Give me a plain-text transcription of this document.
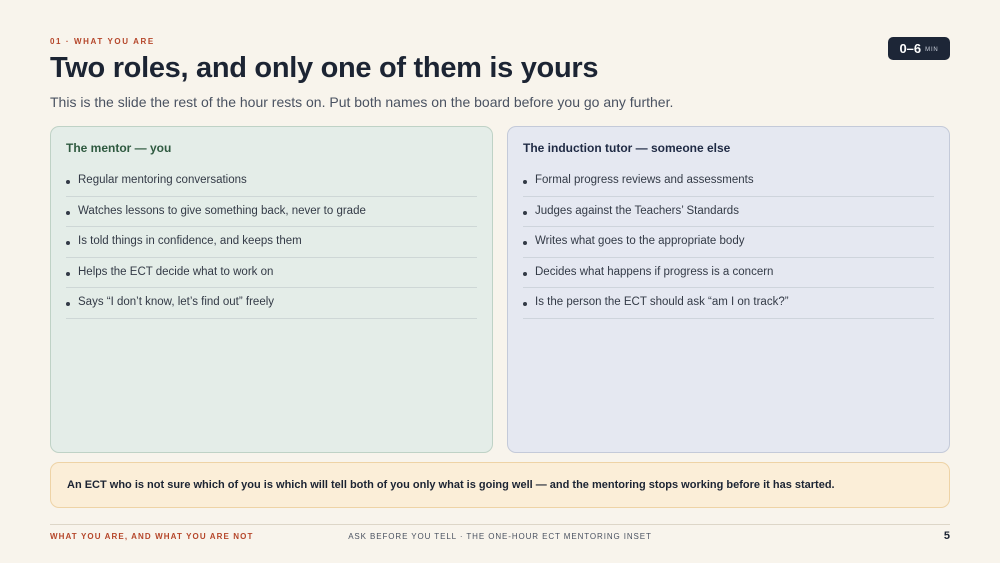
01 · WHAT YOU ARE	0–6 MIN
Two roles, and only one of them is yours

This is the slide the rest of the hour rests on. Put both names on the board before you go any further.

The mentor — you
Regular mentoring conversations
Watches lessons to give something back, never to grade
Is told things in confidence, and keeps them
Helps the ECT decide what to work on
Says “I don’t know, let’s find out” freely
The induction tutor — someone else
Formal progress reviews and assessments
Judges against the Teachers’ Standards
Writes what goes to the appropriate body
Decides what happens if progress is a concern
Is the person the ECT should ask “am I on track?”
An ECT who is not sure which of you is which will tell both of you only what is going well — and the mentoring stops working before it has started.
WHAT YOU ARE, AND WHAT YOU ARE NOT	ASK BEFORE YOU TELL · THE ONE-HOUR ECT MENTORING INSET	5
